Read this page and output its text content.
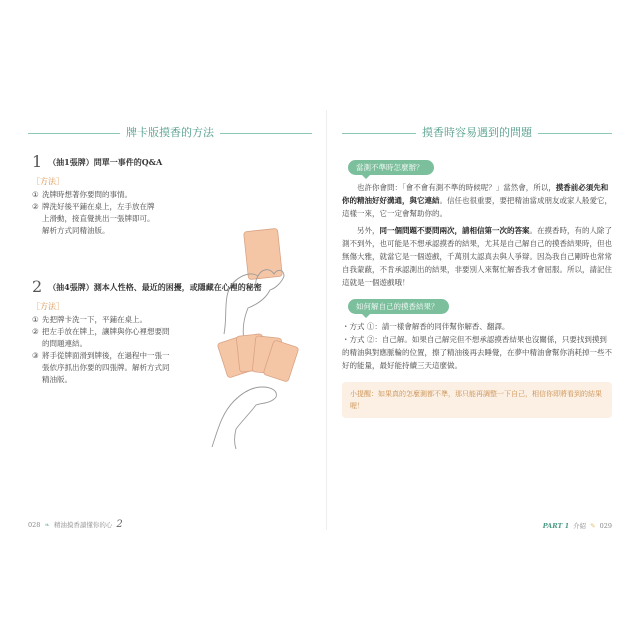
牌卡版摸香的方法
1 （抽1張牌）問單一事件的Q&A
［方法］
① 洗牌時想著你要問的事情。
② 牌洗好後平鋪在桌上，左手放在牌上滑動，接直覺挑出一張牌即可。解析方式同精油版。
2 （抽4張牌）測本人性格、最近的困擾，或隱藏在心裡的秘密
［方法］
① 先把牌卡洗一下，平鋪在桌上。
② 把左手放在牌上，讓牌與你心裡想要問的問題連結。
③ 將手從牌面滑到牌後，在過程中一張一張依序抓出你要的四張牌。解析方式同精油版。
028 ❧ 精油摸香讀懂你的心 2
摸香時容易遇到的問題
當測不準時怎麼辦？

也許你會問：「會不會有測不準的時候呢？」當然會，所以，摸香前必須先和你的精油好好溝通，與它連結。信任也很重要，要把精油當成朋友或家人般愛它，這樣一來，它一定會幫助你的。

另外，同一個問題不要問兩次，請相信第一次的答案。在摸香時，有的人除了測不到外，也可能是不想承認摸香的結果，尤其是自己解自己的摸香結果時，但也無傷大雅，就當它是一個遊戲，千萬別太認真去與人爭辯。因為我自己剛時也常常自我蒙蔽，不肯承認測出的結果，非要別人來幫忙解香我才會屈服。所以，請記住這就是一個遊戲哦！

如何解自己的摸香結果？
・方式 ①：請一樣會解香的同伴幫你解香、翻譯。
・方式 ②：自己解。如果自己解完但不想承認摸香結果也沒關係，只要找到摸到的精油與對應脈輪的位置，擦了精油後再去睡覺，在夢中精油會幫你消耗掉一些不好的能量，最好能持續三天這麼做。
小提醒：如果真的怎麼測都不準，那只能再調整一下自己，相信你即將看到的結果喔！
PART 1 介紹 ✎ 029
